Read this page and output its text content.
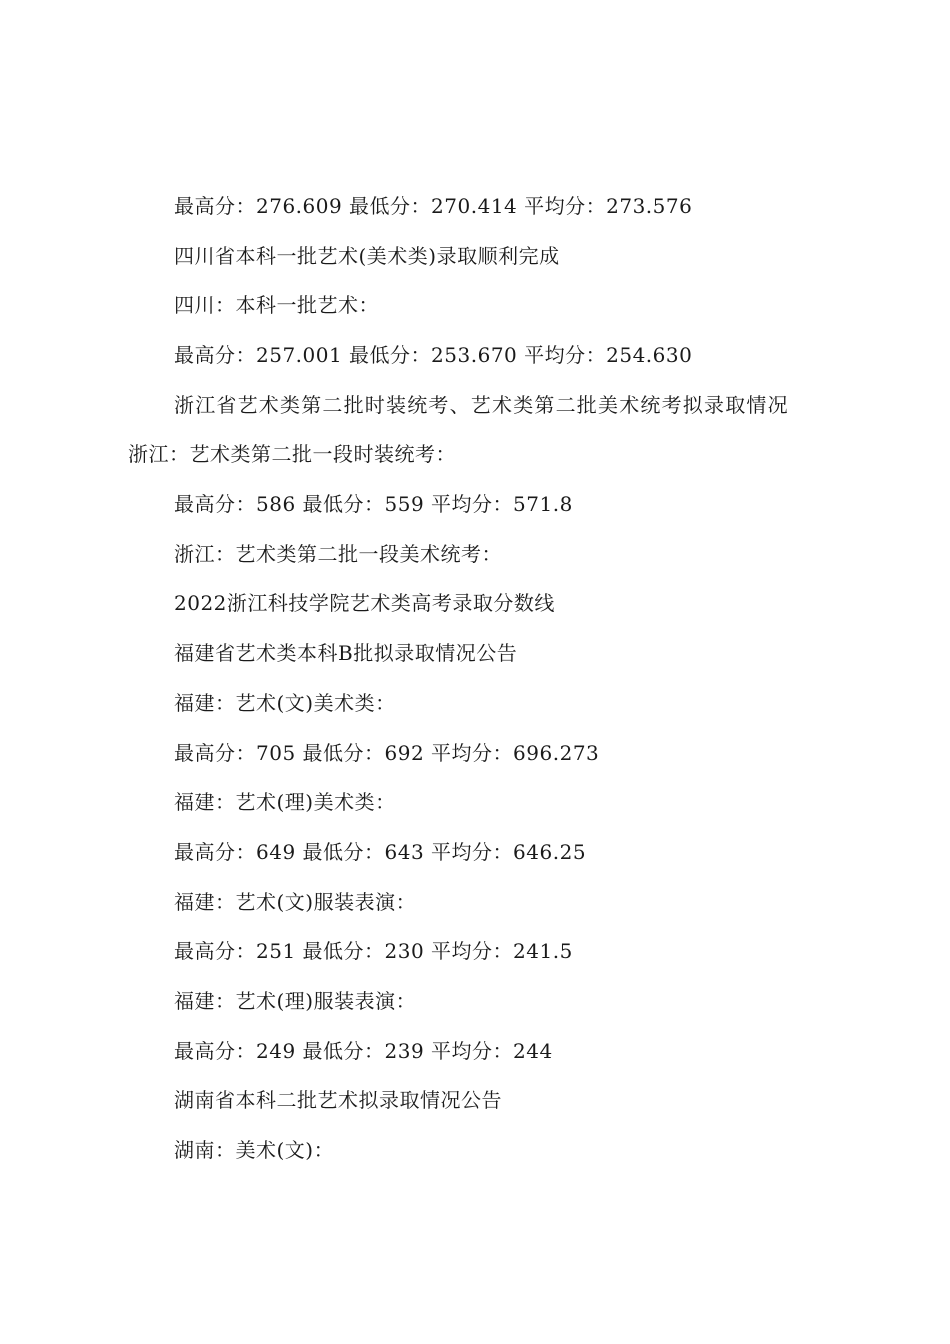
最高分：276.609 最低分：270.414 平均分：273.576
四川省本科一批艺术(美术类)录取顺利完成
四川：本科一批艺术：
最高分：257.001 最低分：253.670 平均分：254.630
浙江省艺术类第二批时装统考、艺术类第二批美术统考拟录取情况
浙江：艺术类第二批一段时装统考：
最高分：586 最低分：559 平均分：571.8
浙江：艺术类第二批一段美术统考：
2022浙江科技学院艺术类高考录取分数线
福建省艺术类本科B批拟录取情况公告
福建：艺术(文)美术类：
最高分：705 最低分：692 平均分：696.273
福建：艺术(理)美术类：
最高分：649 最低分：643 平均分：646.25
福建：艺术(文)服装表演：
最高分：251 最低分：230 平均分：241.5
福建：艺术(理)服装表演：
最高分：249 最低分：239 平均分：244
湖南省本科二批艺术拟录取情况公告
湖南：美术(文)：
